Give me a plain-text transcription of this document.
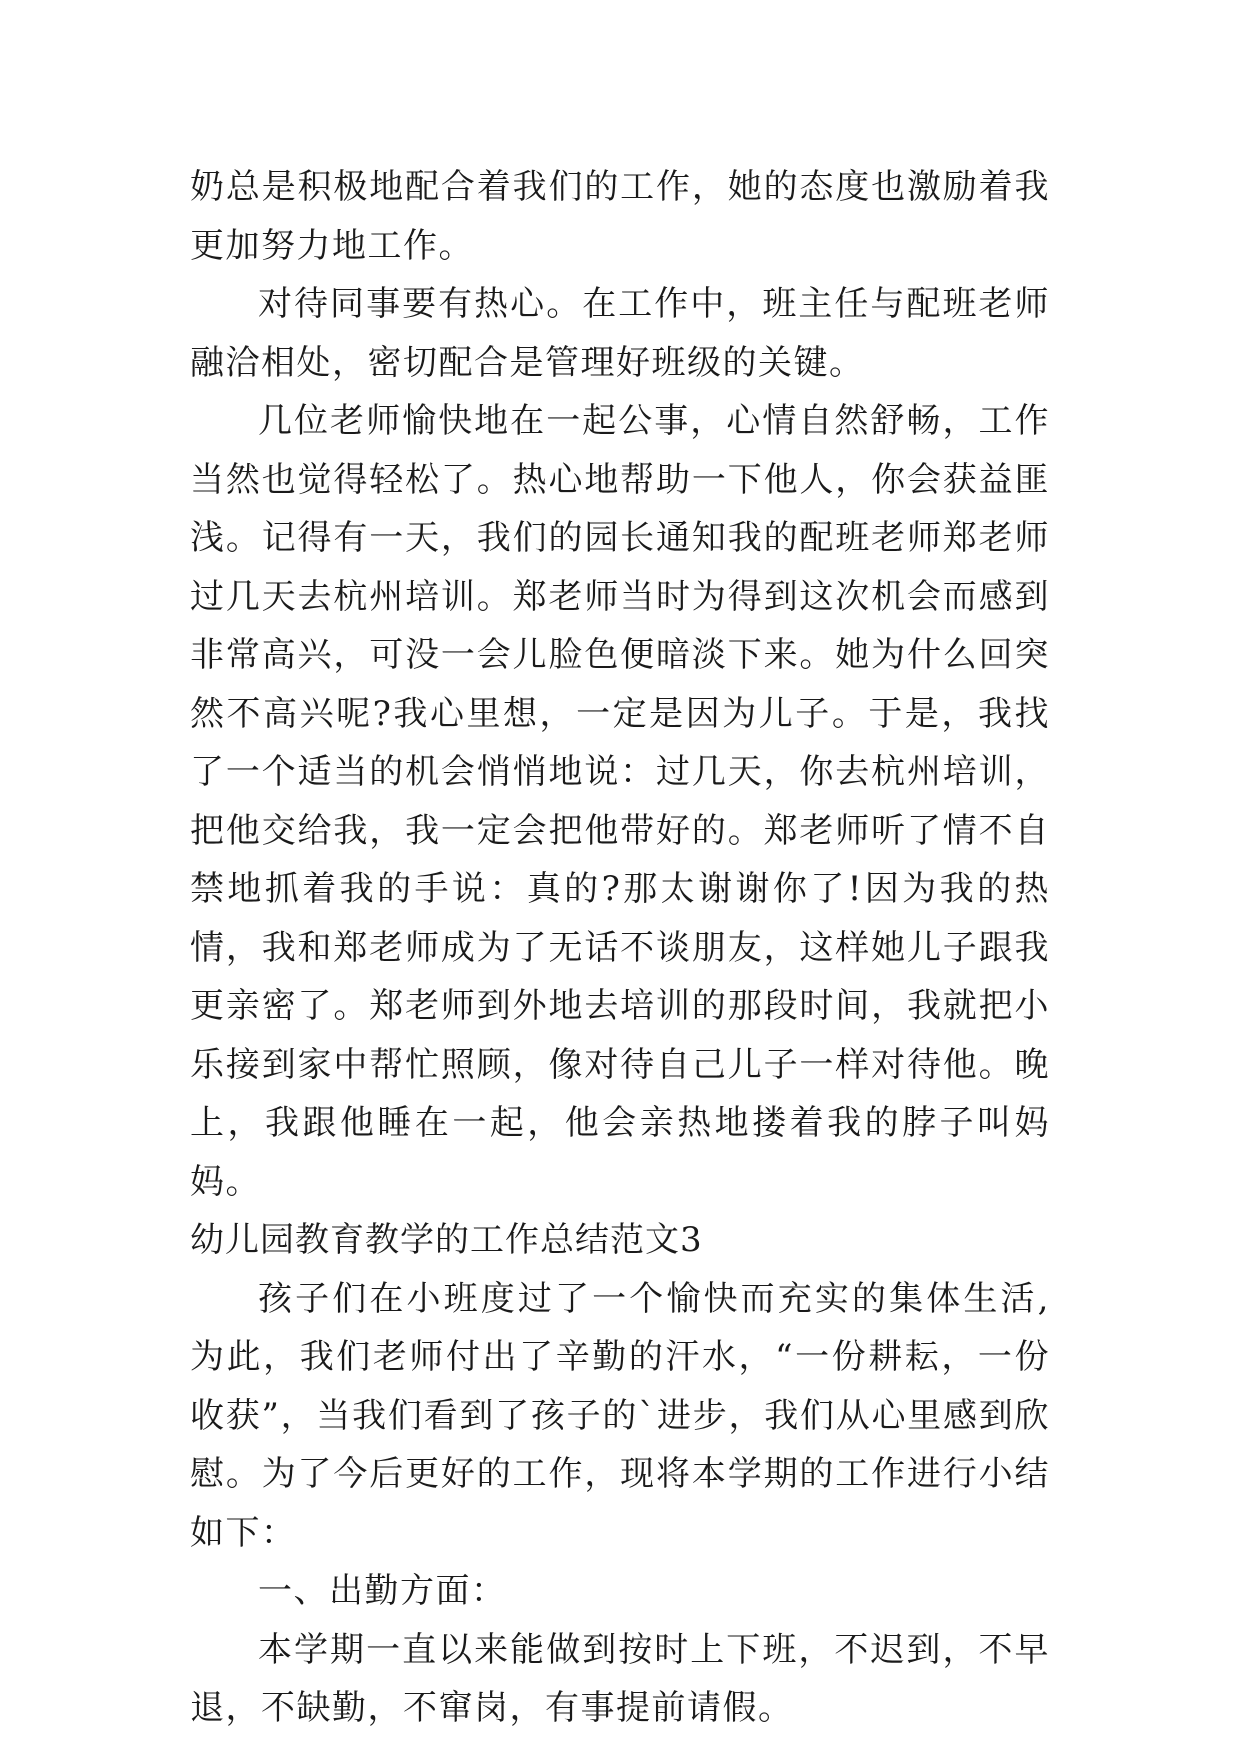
奶总是积极地配合着我们的工作，她的态度也激励着我更加努力地工作。

对待同事要有热心。在工作中，班主任与配班老师融洽相处，密切配合是管理好班级的关键。

几位老师愉快地在一起公事，心情自然舒畅，工作当然也觉得轻松了。热心地帮助一下他人，你会获益匪浅。记得有一天，我们的园长通知我的配班老师郑老师过几天去杭州培训。郑老师当时为得到这次机会而感到非常高兴，可没一会儿脸色便暗淡下来。她为什么回突然不高兴呢?我心里想，一定是因为儿子。于是，我找了一个适当的机会悄悄地说：过几天，你去杭州培训，把他交给我，我一定会把他带好的。郑老师听了情不自禁地抓着我的手说：真的?那太谢谢你了!因为我的热情，我和郑老师成为了无话不谈朋友，这样她儿子跟我更亲密了。郑老师到外地去培训的那段时间，我就把小乐接到家中帮忙照顾，像对待自己儿子一样对待他。晚上，我跟他睡在一起，他会亲热地搂着我的脖子叫妈妈。

幼儿园教育教学的工作总结范文3

孩子们在小班度过了一个愉快而充实的集体生活,为此，我们老师付出了辛勤的汗水，“一份耕耘，一份收获”，当我们看到了孩子的`进步，我们从心里感到欣慰。为了今后更好的工作，现将本学期的工作进行小结如下：

一、出勤方面：

本学期一直以来能做到按时上下班，不迟到，不早退，不缺勤，不窜岗，有事提前请假。
